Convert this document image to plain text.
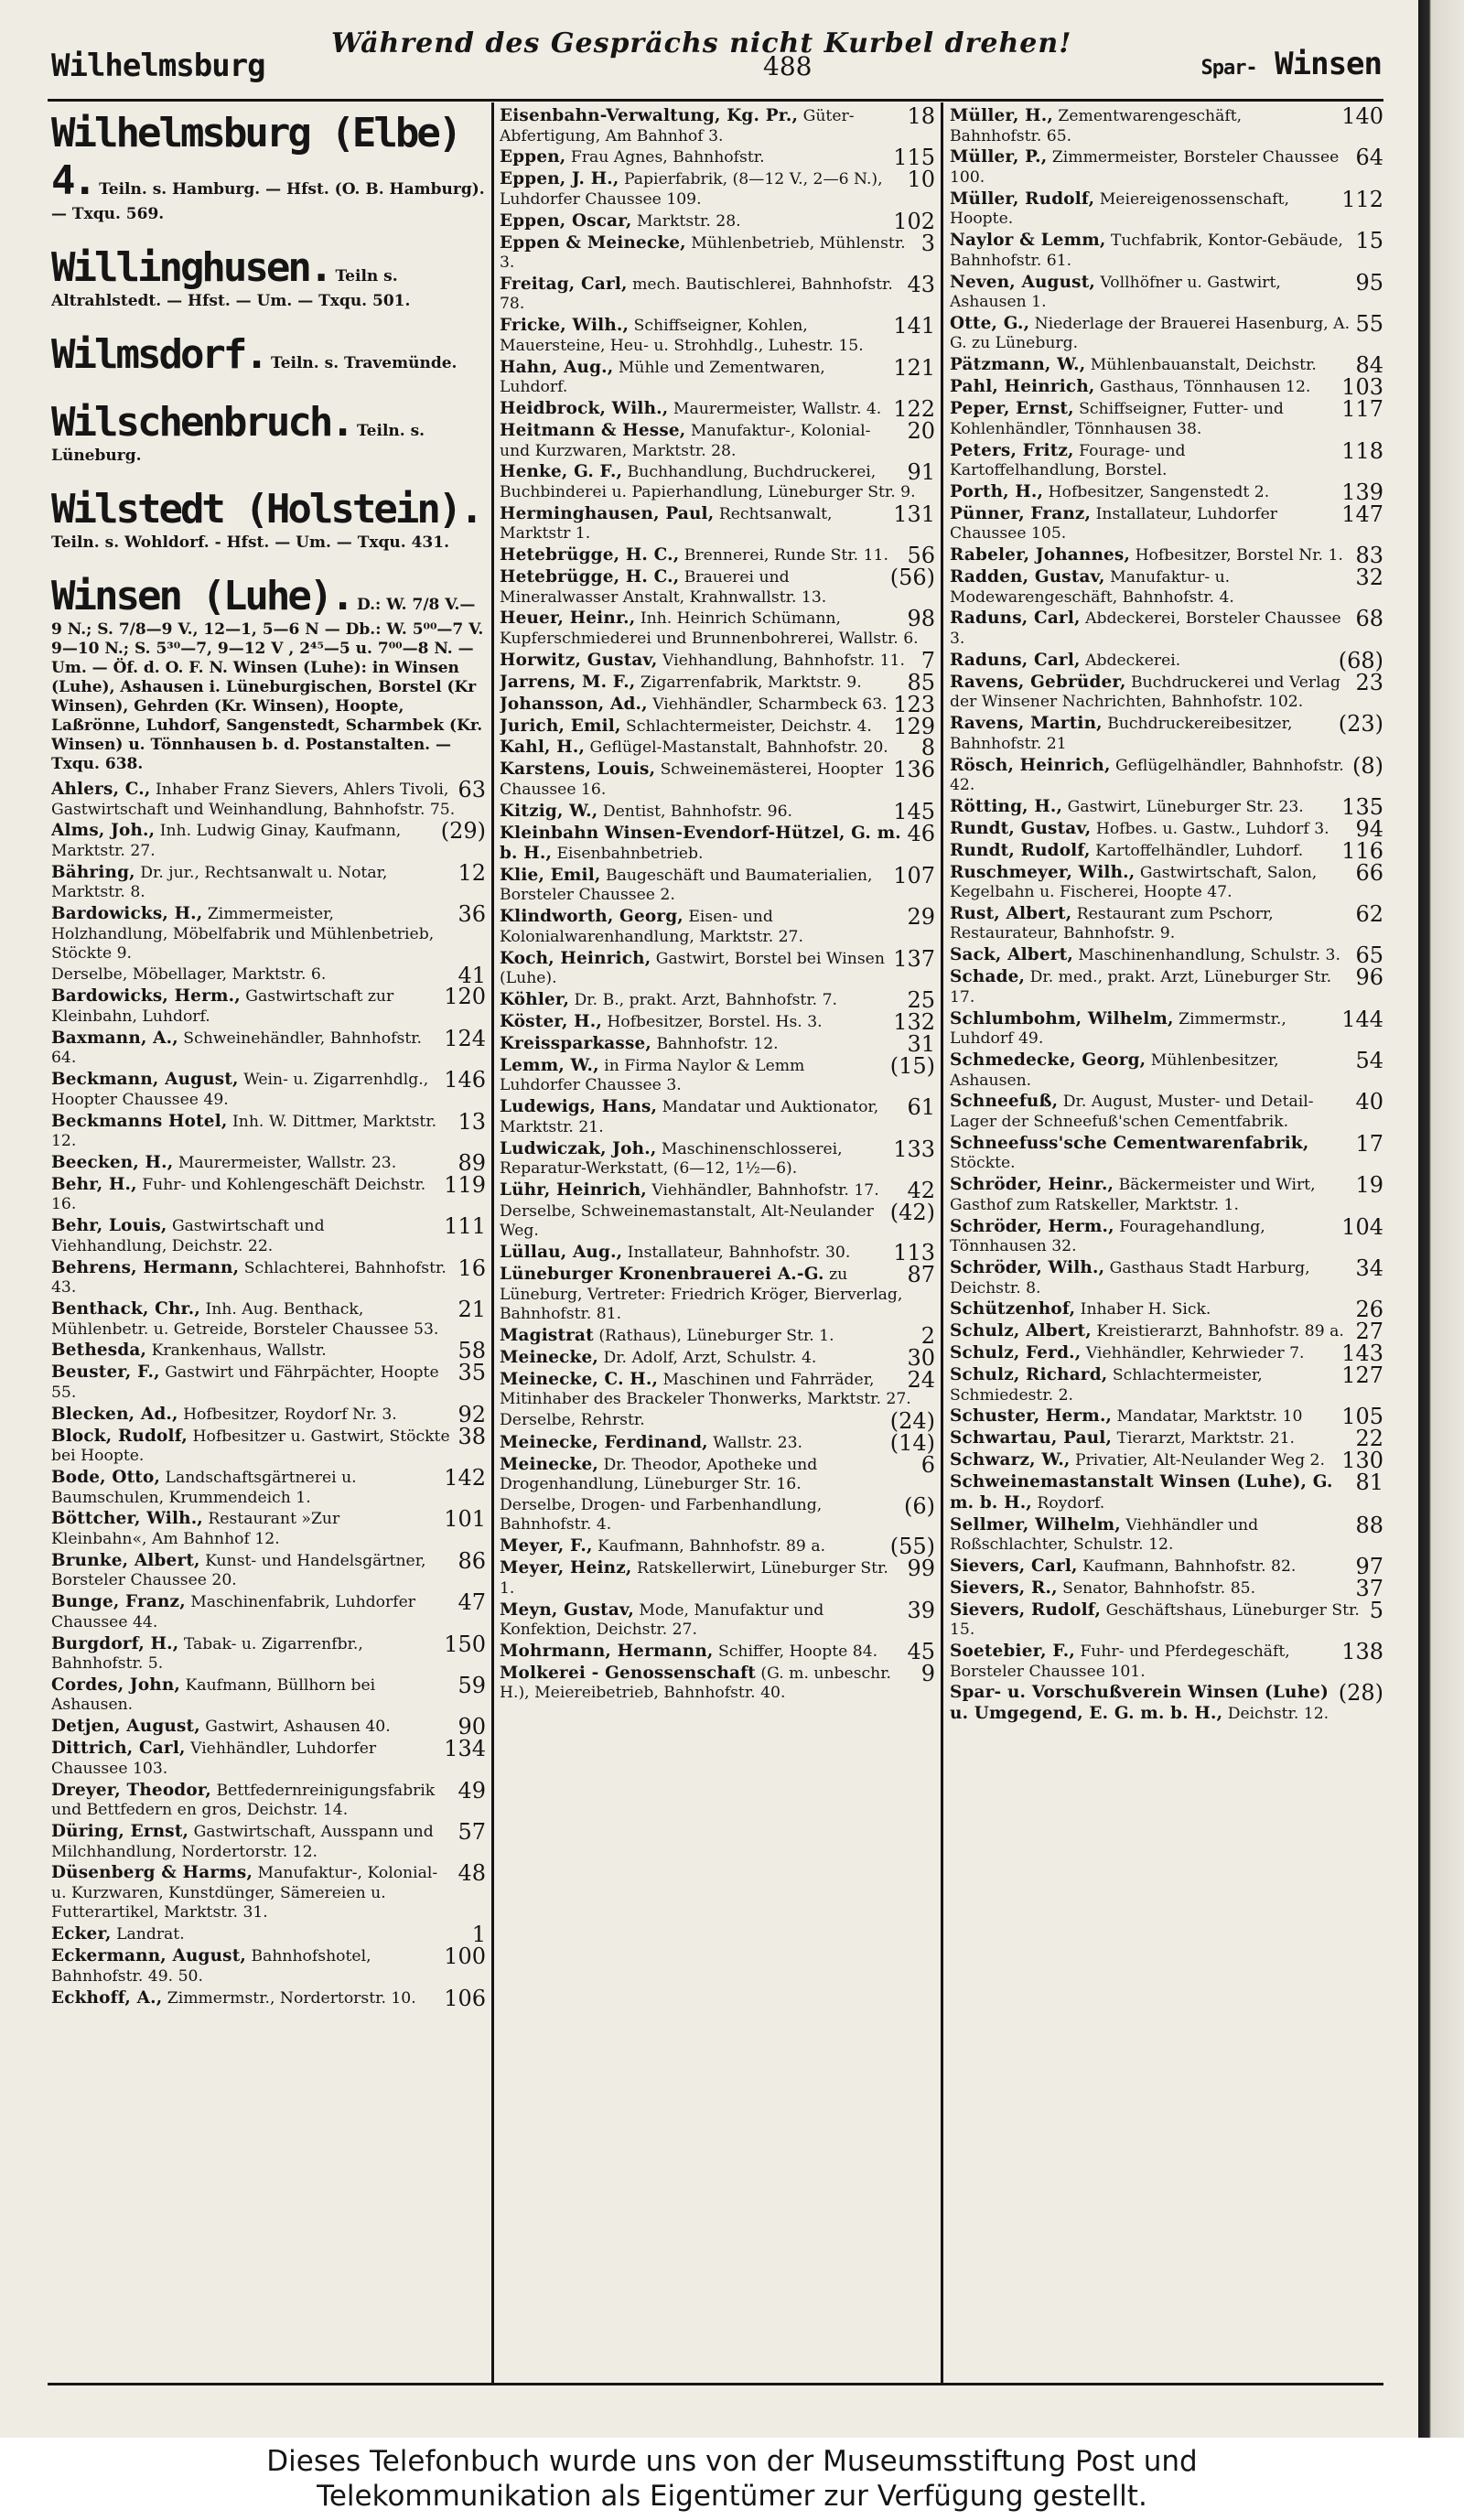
Wilhelmsburg
Während des Gesprächs nicht Kurbel drehen!
488	Spar- Winsen
Wilhelmsburg (Elbe) 4. Teiln. s. Hamburg. — Hfst. (O. B. Hamburg). — Txqu. 569.
Willinghusen. Teiln s. Altrahlstedt. — Hfst. — Um. — Txqu. 501.
Wilmsdorf. Teiln. s. Travemünde.
Wilschenbruch. Teiln. s. Lüneburg.
Wilstedt (Holstein). Teiln. s. Wohldorf. - Hfst. — Um. — Txqu. 431.
Winsen (Luhe). D.: W. 7/8 V.— 9 N.; S. 7/8—9 V., 12—1, 5—6 N — Db.: W. 5⁰⁰—7 V. 9—10 N.; S. 5³⁰—7, 9—12 V , 2⁴⁵—5 u. 7⁰⁰—8 N. — Um. — Öf. d. O. F. N. Winsen (Luhe): in Winsen (Luhe), Ashausen i. Lüneburgischen, Borstel (Kr Winsen), Gehrden (Kr. Winsen), Hoopte, Laßrönne, Luhdorf, Sangenstedt, Scharmbek (Kr. Winsen) u. Tönnhausen b. d. Postanstalten. — Txqu. 638.
63
Ahlers, C., Inhaber Franz Sievers, Ahlers Tivoli, Gastwirtschaft und Weinhandlung, Bahnhofstr. 75.
(29)
Alms, Joh., Inh. Ludwig Ginay, Kaufmann, Marktstr. 27.
12
Bähring, Dr. jur., Rechtsanwalt u. Notar, Marktstr. 8.
36
Bardowicks, H., Zimmermeister, Holzhandlung, Möbelfabrik und Mühlenbetrieb, Stöckte 9.
41
Derselbe, Möbellager, Marktstr. 6.
120
Bardowicks, Herm., Gastwirtschaft zur Kleinbahn, Luhdorf.
124
Baxmann, A., Schweinehändler, Bahnhofstr. 64.
146
Beckmann, August, Wein- u. Zigarrenhdlg., Hoopter Chaussee 49.
13
Beckmanns Hotel, Inh. W. Dittmer, Marktstr. 12.
89
Beecken, H., Maurermeister, Wallstr. 23.
119
Behr, H., Fuhr- und Kohlengeschäft Deichstr. 16.
111
Behr, Louis, Gastwirtschaft und Viehhandlung, Deichstr. 22.
16
Behrens, Hermann, Schlachterei, Bahnhofstr. 43.
21
Benthack, Chr., Inh. Aug. Benthack, Mühlenbetr. u. Getreide, Borsteler Chaussee 53.
58
Bethesda, Krankenhaus, Wallstr.
35
Beuster, F., Gastwirt und Fährpächter, Hoopte 55.
92
Blecken, Ad., Hofbesitzer, Roydorf Nr. 3.
38
Block, Rudolf, Hofbesitzer u. Gastwirt, Stöckte bei Hoopte.
142
Bode, Otto, Landschaftsgärtnerei u. Baumschulen, Krummendeich 1.
101
Böttcher, Wilh., Restaurant »Zur Kleinbahn«, Am Bahnhof 12.
86
Brunke, Albert, Kunst- und Handelsgärtner, Borsteler Chaussee 20.
47
Bunge, Franz, Maschinenfabrik, Luhdorfer Chaussee 44.
150
Burgdorf, H., Tabak- u. Zigarrenfbr., Bahnhofstr. 5.
59
Cordes, John, Kaufmann, Büllhorn bei Ashausen.
90
Detjen, August, Gastwirt, Ashausen 40.
134
Dittrich, Carl, Viehhändler, Luhdorfer Chaussee 103.
49
Dreyer, Theodor, Bettfedernreinigungsfabrik und Bettfedern en gros, Deichstr. 14.
57
Düring, Ernst, Gastwirtschaft, Ausspann und Milchhandlung, Nordertorstr. 12.
48
Düsenberg & Harms, Manufaktur-, Kolonial- u. Kurzwaren, Kunstdünger, Sämereien u. Futterartikel, Marktstr. 31.
1
Ecker, Landrat.
100
Eckermann, August, Bahnhofshotel, Bahnhofstr. 49. 50.
106
Eckhoff, A., Zimmermstr., Nordertorstr. 10.
18
Eisenbahn-Verwaltung, Kg. Pr., Güter-Abfertigung, Am Bahnhof 3.
115
Eppen, Frau Agnes, Bahnhofstr.
10
Eppen, J. H., Papierfabrik, (8—12 V., 2—6 N.), Luhdorfer Chaussee 109.
102
Eppen, Oscar, Marktstr. 28.
3
Eppen & Meinecke, Mühlenbetrieb, Mühlenstr. 3.
43
Freitag, Carl, mech. Bautischlerei, Bahnhofstr. 78.
141
Fricke, Wilh., Schiffseigner, Kohlen, Mauersteine, Heu- u. Strohhdlg., Luhestr. 15.
121
Hahn, Aug., Mühle und Zementwaren, Luhdorf.
122
Heidbrock, Wilh., Maurermeister, Wallstr. 4.
20
Heitmann & Hesse, Manufaktur-, Kolonial- und Kurzwaren, Marktstr. 28.
91
Henke, G. F., Buchhandlung, Buchdruckerei, Buchbinderei u. Papierhandlung, Lüneburger Str. 9.
131
Herminghausen, Paul, Rechtsanwalt, Marktstr 1.
56
Hetebrügge, H. C., Brennerei, Runde Str. 11.
(56)
Hetebrügge, H. C., Brauerei und Mineralwasser Anstalt, Krahnwallstr. 13.
98
Heuer, Heinr., Inh. Heinrich Schümann, Kupferschmiederei und Brunnenbohrerei, Wallstr. 6.
7
Horwitz, Gustav, Viehhandlung, Bahnhofstr. 11.
85
Jarrens, M. F., Zigarrenfabrik, Marktstr. 9.
123
Johansson, Ad., Viehhändler, Scharmbeck 63.
129
Jurich, Emil, Schlachtermeister, Deichstr. 4.
8
Kahl, H., Geflügel-Mastanstalt, Bahnhofstr. 20.
136
Karstens, Louis, Schweinemästerei, Hoopter Chaussee 16.
145
Kitzig, W., Dentist, Bahnhofstr. 96.
46
Kleinbahn Winsen-Evendorf-Hützel, G. m. b. H., Eisenbahnbetrieb.
107
Klie, Emil, Baugeschäft und Baumaterialien, Borsteler Chaussee 2.
29
Klindworth, Georg, Eisen- und Kolonialwarenhandlung, Marktstr. 27.
137
Koch, Heinrich, Gastwirt, Borstel bei Winsen (Luhe).
25
Köhler, Dr. B., prakt. Arzt, Bahnhofstr. 7.
132
Köster, H., Hofbesitzer, Borstel. Hs. 3.
31
Kreissparkasse, Bahnhofstr. 12.
(15)
Lemm, W., in Firma Naylor & Lemm Luhdorfer Chaussee 3.
61
Ludewigs, Hans, Mandatar und Auktionator, Marktstr. 21.
133
Ludwiczak, Joh., Maschinenschlosserei, Reparatur-Werkstatt, (6—12, 1½—6).
42
Lühr, Heinrich, Viehhändler, Bahnhofstr. 17.
(42)
Derselbe, Schweinemastanstalt, Alt-Neulander Weg.
113
Lüllau, Aug., Installateur, Bahnhofstr. 30.
87
Lüneburger Kronenbrauerei A.-G. zu Lüneburg, Vertreter: Friedrich Kröger, Bierverlag, Bahnhofstr. 81.
2
Magistrat (Rathaus), Lüneburger Str. 1.
30
Meinecke, Dr. Adolf, Arzt, Schulstr. 4.
24
Meinecke, C. H., Maschinen und Fahrräder, Mitinhaber des Brackeler Thonwerks, Marktstr. 27.
(24)
Derselbe, Rehrstr.
(14)
Meinecke, Ferdinand, Wallstr. 23.
6
Meinecke, Dr. Theodor, Apotheke und Drogenhandlung, Lüneburger Str. 16.
(6)
Derselbe, Drogen- und Farbenhandlung, Bahnhofstr. 4.
(55)
Meyer, F., Kaufmann, Bahnhofstr. 89 a.
99
Meyer, Heinz, Ratskellerwirt, Lüneburger Str. 1.
39
Meyn, Gustav, Mode, Manufaktur und Konfektion, Deichstr. 27.
45
Mohrmann, Hermann, Schiffer, Hoopte 84.
9
Molkerei - Genossenschaft (G. m. unbeschr. H.), Meiereibetrieb, Bahnhofstr. 40.
140
Müller, H., Zementwarengeschäft, Bahnhofstr. 65.
64
Müller, P., Zimmermeister, Borsteler Chaussee 100.
112
Müller, Rudolf, Meiereigenossenschaft, Hoopte.
15
Naylor & Lemm, Tuchfabrik, Kontor-Gebäude, Bahnhofstr. 61.
95
Neven, August, Vollhöfner u. Gastwirt, Ashausen 1.
55
Otte, G., Niederlage der Brauerei Hasenburg, A. G. zu Lüneburg.
84
Pätzmann, W., Mühlenbauanstalt, Deichstr.
103
Pahl, Heinrich, Gasthaus, Tönnhausen 12.
117
Peper, Ernst, Schiffseigner, Futter- und Kohlenhändler, Tönnhausen 38.
118
Peters, Fritz, Fourage- und Kartoffelhandlung, Borstel.
139
Porth, H., Hofbesitzer, Sangenstedt 2.
147
Pünner, Franz, Installateur, Luhdorfer Chaussee 105.
83
Rabeler, Johannes, Hofbesitzer, Borstel Nr. 1.
32
Radden, Gustav, Manufaktur- u. Modewarengeschäft, Bahnhofstr. 4.
68
Raduns, Carl, Abdeckerei, Borsteler Chaussee 3.
(68)
Raduns, Carl, Abdeckerei.
23
Ravens, Gebrüder, Buchdruckerei und Verlag der Winsener Nachrichten, Bahnhofstr. 102.
(23)
Ravens, Martin, Buchdruckereibesitzer, Bahnhofstr. 21
(8)
Rösch, Heinrich, Geflügelhändler, Bahnhofstr. 42.
135
Rötting, H., Gastwirt, Lüneburger Str. 23.
94
Rundt, Gustav, Hofbes. u. Gastw., Luhdorf 3.
116
Rundt, Rudolf, Kartoffelhändler, Luhdorf.
66
Ruschmeyer, Wilh., Gastwirtschaft, Salon, Kegelbahn u. Fischerei, Hoopte 47.
62
Rust, Albert, Restaurant zum Pschorr, Restaurateur, Bahnhofstr. 9.
65
Sack, Albert, Maschinenhandlung, Schulstr. 3.
96
Schade, Dr. med., prakt. Arzt, Lüneburger Str. 17.
144
Schlumbohm, Wilhelm, Zimmermstr., Luhdorf 49.
54
Schmedecke, Georg, Mühlenbesitzer, Ashausen.
40
Schneefuß, Dr. August, Muster- und Detail-Lager der Schneefuß'schen Cementfabrik.
17
Schneefuss'sche Cementwarenfabrik, Stöckte.
19
Schröder, Heinr., Bäckermeister und Wirt, Gasthof zum Ratskeller, Marktstr. 1.
104
Schröder, Herm., Fouragehandlung, Tönnhausen 32.
34
Schröder, Wilh., Gasthaus Stadt Harburg, Deichstr. 8.
26
Schützenhof, Inhaber H. Sick.
27
Schulz, Albert, Kreistierarzt, Bahnhofstr. 89 a.
143
Schulz, Ferd., Viehhändler, Kehrwieder 7.
127
Schulz, Richard, Schlachtermeister, Schmiedestr. 2.
105
Schuster, Herm., Mandatar, Marktstr. 10
22
Schwartau, Paul, Tierarzt, Marktstr. 21.
130
Schwarz, W., Privatier, Alt-Neulander Weg 2.
81
Schweinemastanstalt Winsen (Luhe), G. m. b. H., Roydorf.
88
Sellmer, Wilhelm, Viehhändler und Roßschlachter, Schulstr. 12.
97
Sievers, Carl, Kaufmann, Bahnhofstr. 82.
37
Sievers, R., Senator, Bahnhofstr. 85.
5
Sievers, Rudolf, Geschäftshaus, Lüneburger Str. 15.
138
Soetebier, F., Fuhr- und Pferdegeschäft, Borsteler Chaussee 101.
(28)
Spar- u. Vorschußverein Winsen (Luhe) u. Umgegend, E. G. m. b. H., Deichstr. 12.
Dieses Telefonbuch wurde uns von der Museumsstiftung Post und
Telekommunikation als Eigentümer zur Verfügung gestellt.
